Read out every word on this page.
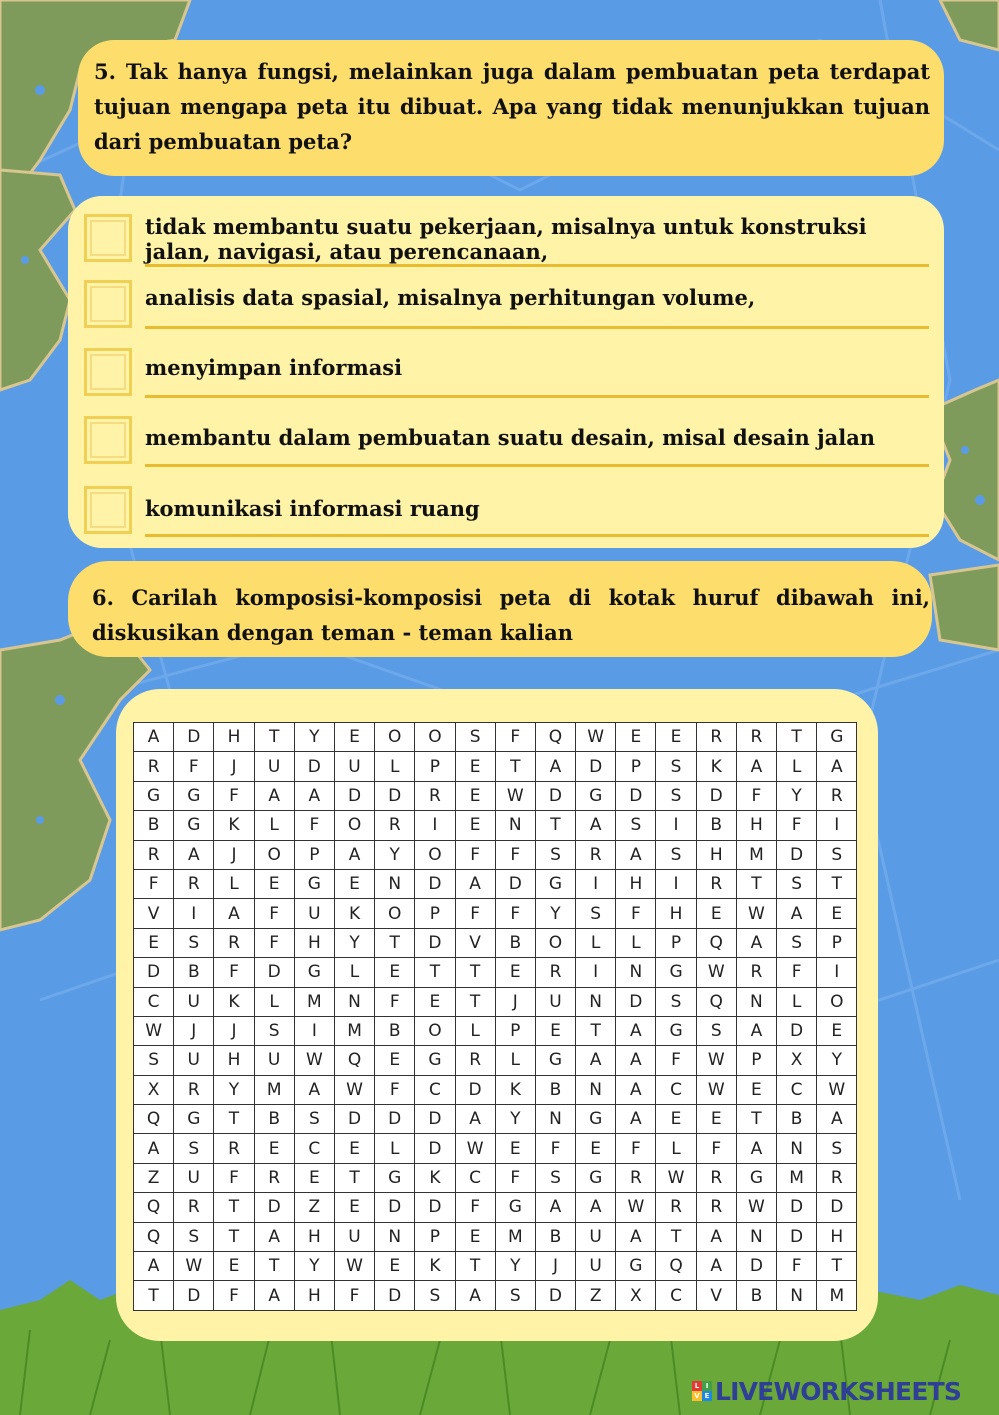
5. Tak hanya fungsi, melainkan juga dalam pembuatan peta terdapat tujuan mengapa peta itu dibuat. Apa yang tidak menunjukkan tujuan dari pembuatan peta?
tidak membantu suatu pekerjaan, misalnya untuk konstruksi jalan, navigasi, atau perencanaan,
analisis data spasial, misalnya perhitungan volume,
menyimpan informasi
membantu dalam pembuatan suatu desain, misal desain jalan
komunikasi informasi ruang
6. Carilah komposisi-komposisi peta di kotak huruf dibawah ini, diskusikan dengan teman - teman kalian
A	D	H	T	Y	E	O	O	S	F	Q	W	E	E	R	R	T	G
R	F	J	U	D	U	L	P	E	T	A	D	P	S	K	A	L	A
G	G	F	A	A	D	D	R	E	W	D	G	D	S	D	F	Y	R
B	G	K	L	F	O	R	I	E	N	T	A	S	I	B	H	F	I
R	A	J	O	P	A	Y	O	F	F	S	R	A	S	H	M	D	S
F	R	L	E	G	E	N	D	A	D	G	I	H	I	R	T	S	T
V	I	A	F	U	K	O	P	F	F	Y	S	F	H	E	W	A	E
E	S	R	F	H	Y	T	D	V	B	O	L	L	P	Q	A	S	P
D	B	F	D	G	L	E	T	T	E	R	I	N	G	W	R	F	I
C	U	K	L	M	N	F	E	T	J	U	N	D	S	Q	N	L	O
W	J	J	S	I	M	B	O	L	P	E	T	A	G	S	A	D	E
S	U	H	U	W	Q	E	G	R	L	G	A	A	F	W	P	X	Y
X	R	Y	M	A	W	F	C	D	K	B	N	A	C	W	E	C	W
Q	G	T	B	S	D	D	D	A	Y	N	G	A	E	E	T	B	A
A	S	R	E	C	E	L	D	W	E	F	E	F	L	F	A	N	S
Z	U	F	R	E	T	G	K	C	F	S	G	R	W	R	G	M	R
Q	R	T	D	Z	E	D	D	F	G	A	A	W	R	R	W	D	D
Q	S	T	A	H	U	N	P	E	M	B	U	A	T	A	N	D	H
A	W	E	T	Y	W	E	K	T	Y	J	U	G	Q	A	D	F	T
T	D	F	A	H	F	D	S	A	S	D	Z	X	C	V	B	N	M
L I
V E LIVEWORKSHEETS
